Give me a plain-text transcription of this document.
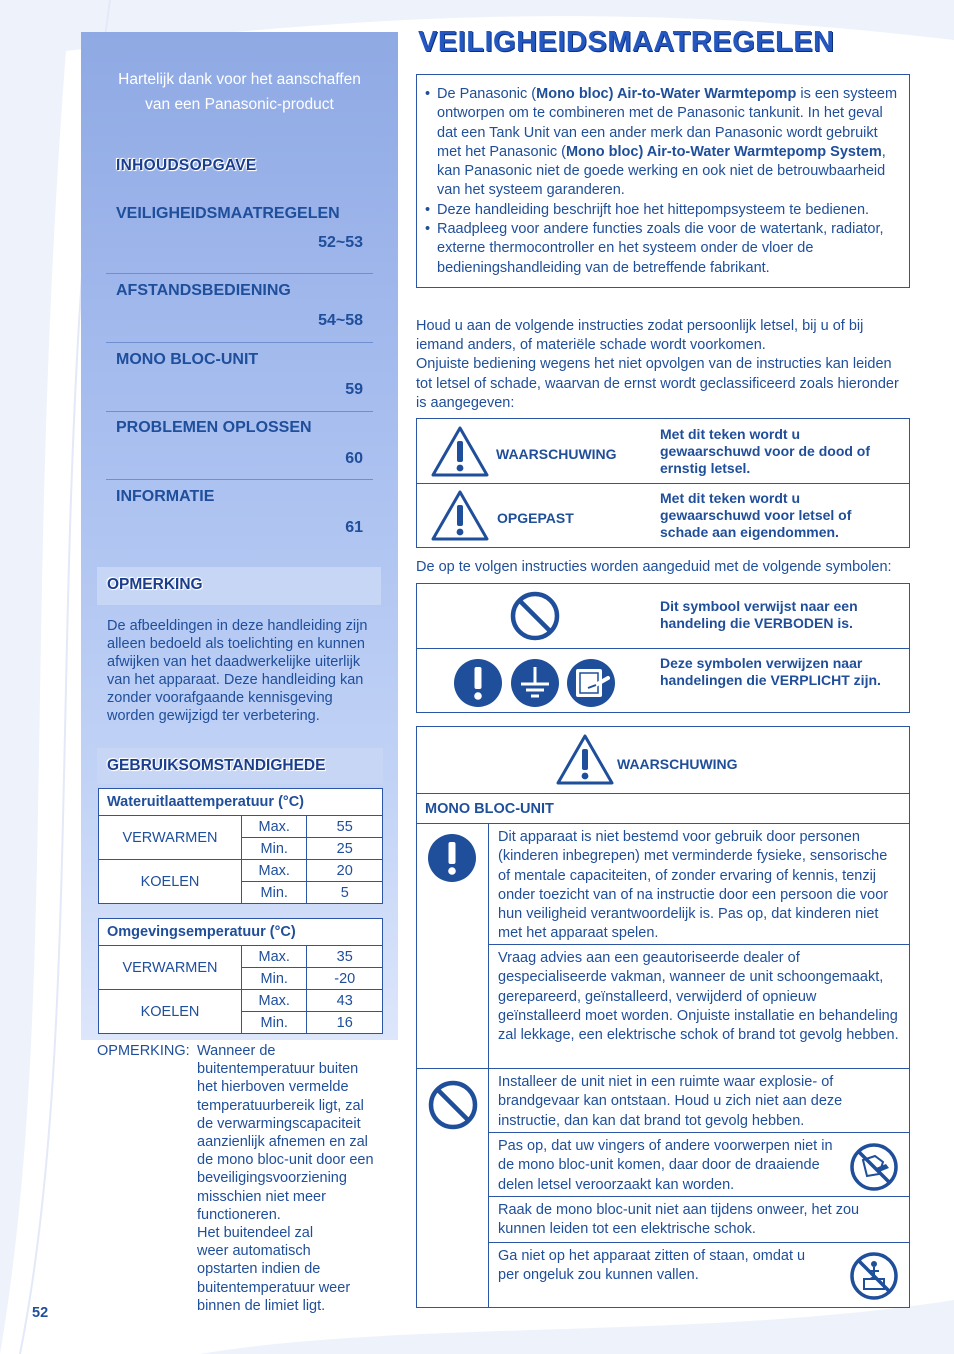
Hartelijk dank voor het aanschaffen
van een Panasonic-product
INHOUDSOPGAVE
VEILIGHEIDSMAATREGELEN
52~53
AFSTANDSBEDIENING
54~58
MONO BLOC-UNIT
59
PROBLEMEN OPLOSSEN
60
INFORMATIE
61
OPMERKING
De afbeeldingen in deze handleiding zijn alleen bedoeld als toelichting en kunnen afwijken van het daadwerkelijke uiterlijk van het apparaat. Deze handleiding kan zonder voorafgaande kennisgeving worden gewijzigd ter verbetering.
GEBRUIKSOMSTANDIGHEDE
Wateruitlaattemperatuur (°C)		
VERWARMEN	Max.	55
	Min.	25
KOELEN	Max.	20
	Min.	5
Omgevingsemperatuur (°C)		
VERWARMEN	Max.	35
	Min.	-20
KOELEN	Max.	43
	Min.	16
OPMERKING: Wanneer de
buitentemperatuur buiten
het hierboven vermelde
temperatuurbereik ligt, zal
de verwarmingscapaciteit
aanzienlijk afnemen en zal
de mono bloc-unit door een
beveiligingsvoorziening
misschien niet meer
functioneren.
Het buitendeel zal
weer automatisch
opstarten indien de
buitentemperatuur weer
binnen de limiet ligt.
52
VEILIGHEIDSMAATREGELEN
• De Panasonic (Mono bloc) Air-to-Water Warmtepomp is een systeem ontworpen om te combineren met de Panasonic tankunit. In het geval dat een Tank Unit van een ander merk dan Panasonic wordt gebruikt met het Panasonic (Mono bloc) Air-to-Water Warmtepomp System, kan Panasonic niet de goede werking en ook niet de betrouwbaarheid van het systeem garanderen.
• Deze handleiding beschrijft hoe het hittepompsysteem te bedienen.
• Raadpleeg voor andere functies zoals die voor de watertank, radiator, externe thermocontroller en het systeem onder de vloer de bedieningshandleiding van de betreffende fabrikant.
Houd u aan de volgende instructies zodat persoonlijk letsel, bij u of bij iemand anders, of materiële schade wordt voorkomen.
Onjuiste bediening wegens het niet opvolgen van de instructies kan leiden tot letsel of schade, waarvan de ernst wordt geclassificeerd zoals hieronder is aangegeven:
WAARSCHUWING
Met dit teken wordt u gewaarschuwd voor de dood of ernstig letsel.
OPGEPAST
Met dit teken wordt u gewaarschuwd voor letsel of schade aan eigendommen.
De op te volgen instructies worden aangeduid met de volgende symbolen:
Dit symbool verwijst naar een handeling die VERBODEN is.
Deze symbolen verwijzen naar handelingen die VERPLICHT zijn.
WAARSCHUWING
MONO BLOC-UNIT
Dit apparaat is niet bestemd voor gebruik door personen (kinderen inbegrepen) met verminderde fysieke, sensorische of mentale capaciteiten, of zonder ervaring of kennis, tenzij onder toezicht van of na instructie door een persoon die voor hun veiligheid verantwoordelijk is. Pas op, dat kinderen niet met het apparaat spelen.
Vraag advies aan een geautoriseerde dealer of gespecialiseerde vakman, wanneer de unit schoongemaakt, gerepareerd, geïnstalleerd, verwijderd of opnieuw geïnstalleerd moet worden. Onjuiste installatie en behandeling zal lekkage, een elektrische schok of brand tot gevolg hebben.
Installeer de unit niet in een ruimte waar explosie- of brandgevaar kan ontstaan. Houd u zich niet aan deze instructie, dan kan dat brand tot gevolg hebben.
Pas op, dat uw vingers of andere voorwerpen niet in de mono bloc-unit komen, daar door de draaiende delen letsel veroorzaakt kan worden.
Raak de mono bloc-unit niet aan tijdens onweer, het zou kunnen leiden tot een elektrische schok.
Ga niet op het apparaat zitten of staan, omdat u per ongeluk zou kunnen vallen.
